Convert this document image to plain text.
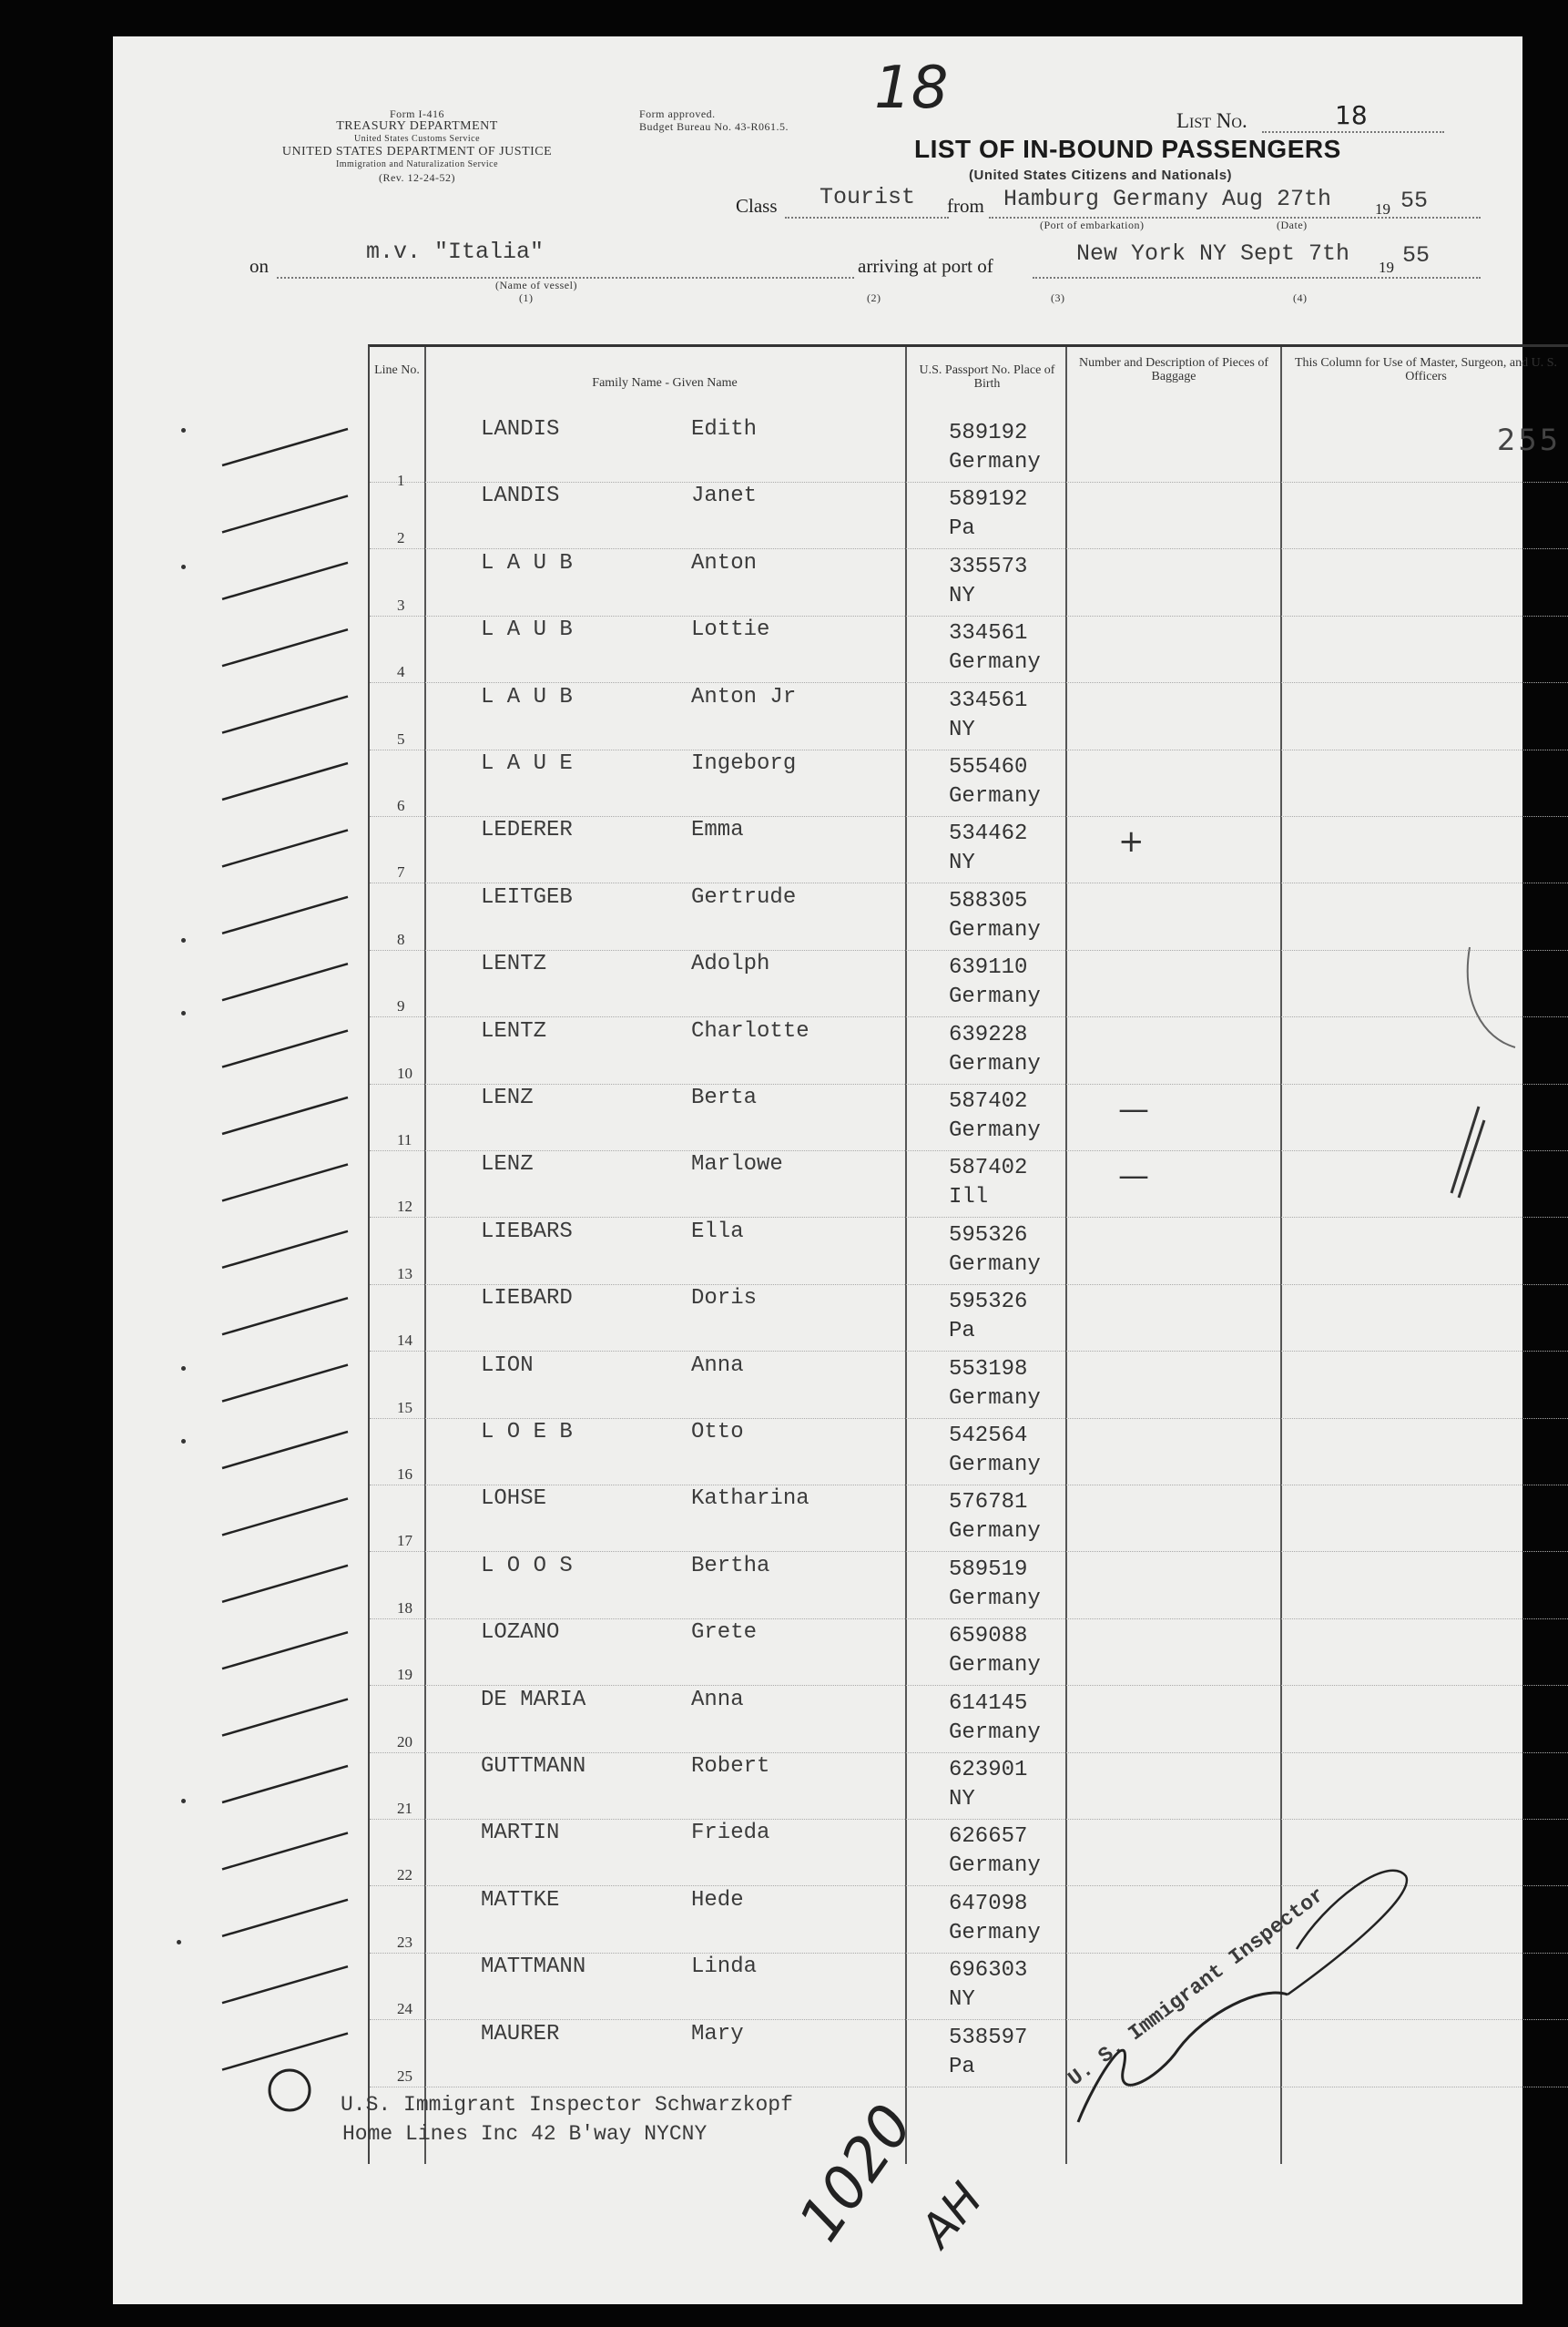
Form I-416
TREASURY DEPARTMENT
United States Customs Service
UNITED STATES DEPARTMENT OF JUSTICE
Immigration and Naturalization Service
(Rev. 12-24-52)
Form approved.
Budget Bureau No. 43-R061.5.
18	List No.	18
LIST OF IN-BOUND PASSENGERS
(United States Citizens and Nationals)
Class Tourist from Hamburg Germany Aug 27th	19 55
(Port of embarkation)	(Date)
on
m.v. "Italia"
arriving at port of	New York NY Sept 7th
19 55
(Name of vessel)
(1)	(2)	(3)	(4)
Line No.
Family Name - Given Name
U.S. Passport No. Place of Birth
Number and Description of Pieces of Baggage
This Column for Use of Master, Surgeon, and U. S. Officers
1
LANDIS	Edith	589192
Germany
255
2
LANDIS	Janet	589192
Pa
3
L A U B	Anton	335573
NY
4
L A U B	Lottie	334561
Germany
5
L A U B	Anton Jr	334561
NY
6
L A U E	Ingeborg	555460
Germany
7
LEDERER	Emma	534462
NY
+
8
LEITGEB	Gertrude	588305
Germany
9
LENTZ	Adolph	639110
Germany
10
LENTZ	Charlotte	639228
Germany
11
LENZ	Berta	587402
Germany
—
12
LENZ	Marlowe	587402
Ill
—
13
LIEBARS	Ella	595326
Germany
14
LIEBARD	Doris	595326
Pa
15
LION	Anna	553198
Germany
16
L O E B	Otto	542564
Germany
17
LOHSE	Katharina	576781
Germany
18
L O O S	Bertha	589519
Germany
19
LOZANO	Grete	659088
Germany
20
DE MARIA	Anna	614145
Germany
21
GUTTMANN	Robert	623901
NY
22
MARTIN	Frieda	626657
Germany
23
MATTKE	Hede	647098
Germany
24
MATTMANN	Linda	696303
NY
25
MAURER	Mary	538597
Pa
U.S. Immigrant Inspector Schwarzkopf
Home Lines Inc 42 B'way NYCNY
U. S. Immigrant Inspector
1020
AH
